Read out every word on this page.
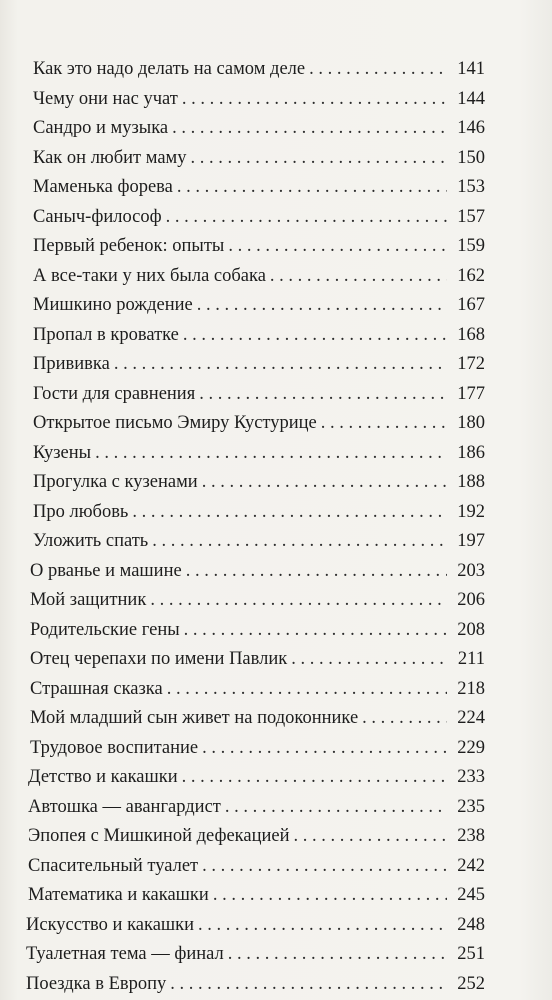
Как это надо делать на самом деле . . .	141
Чему они нас учат . . .	144
Сандро и музыка . . .	146
Как он любит маму . . .	150
Маменька форева . . .	153
Саныч-философ . . .	157
Первый ребенок: опыты . . .	159
А все-таки у них была собака . . .	162
Мишкино рождение . . .	167
Пропал в кроватке . . .	168
Прививка . . .	172
Гости для сравнения . . .	177
Открытое письмо Эмиру Кустурице . . .	180
Кузены . . .	186
Прогулка с кузенами . . .	188
Про любовь . . .	192
Уложить спать . . .	197
О рванье и машине . . .	203
Мой защитник . . .	206
Родительские гены . . .	208
Отец черепахи по имени Павлик . . .	211
Страшная сказка . . .	218
Мой младший сын живет на подоконнике . . .	224
Трудовое воспитание . . .	229
Детство и какашки . . .	233
Автошка — авангардист . . .	235
Эпопея с Мишкиной дефекацией . . .	238
Спасительный туалет . . .	242
Математика и какашки . . .	245
Искусство и какашки . . .	248
Туалетная тема — финал . . .	251
Поездка в Европу . . .	252
